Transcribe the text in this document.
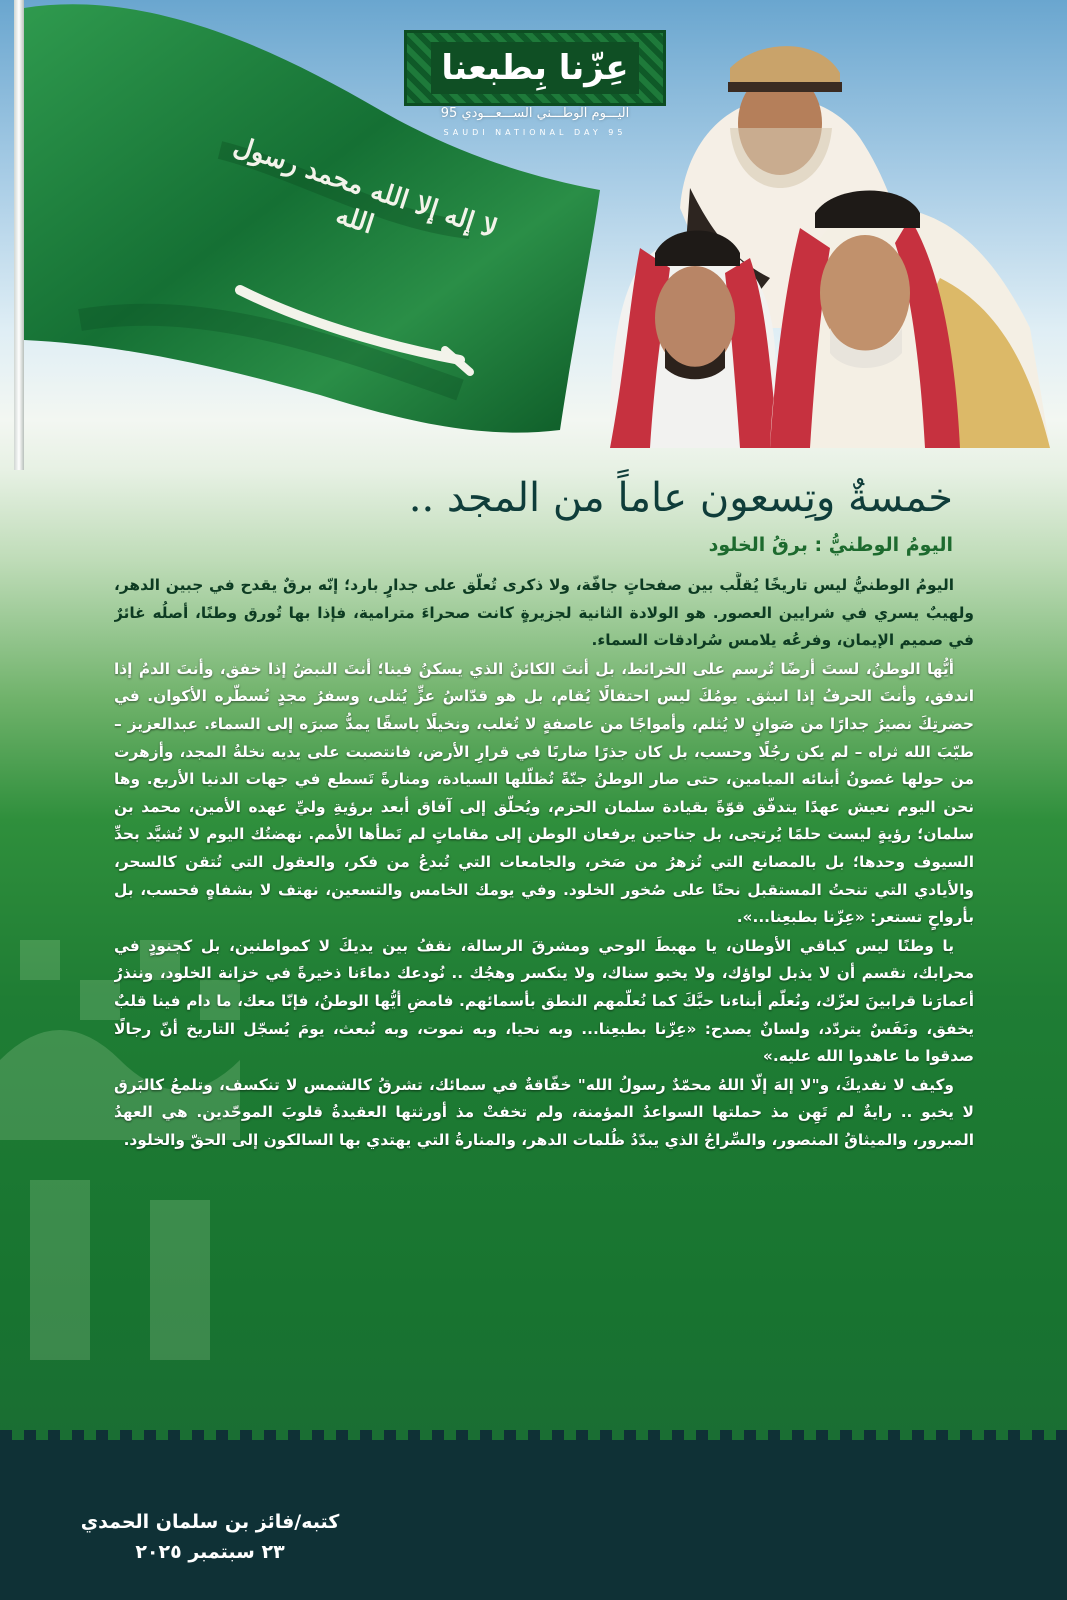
لا إله إلا الله محمد رسول الله
عِزّنا بِطبعنا
اليـــوم الوطـــني الســـعـــودي 95
SAUDI NATIONAL DAY 95
خمسةٌ وتِسعون عاماً من المجد ..
اليومُ الوطنيُّ : برقُ الخلود

اليومُ الوطنيُّ ليس تاريخًا يُقلَّب بين صفحاتٍ جافّة، ولا ذكرى تُعلّق على جدارٍ بارد؛ إنّه برقٌ يقدح في جبين الدهر، ولهيبٌ يسري في شرايين العصور. هو الولادة الثانية لجزيرةٍ كانت صحراءَ مترامية، فإذا بها تُورق وطنًا، أصلُه غائرٌ في صميم الإيمان، وفرعُه يلامس سُرادقات السماء.

أيُّها الوطنُ، لستَ أرضًا تُرسم على الخرائط، بل أنتَ الكائنُ الذي يسكنُ فينا؛ أنتَ النبضُ إذا خفق، وأنتَ الدمُ إذا اندفق، وأنتَ الحرفُ إذا انبثق. يومُكَ ليس احتفالًا يُقام، بل هو قدّاسُ عزٍّ يُتلى، وسفرُ مجدٍ تُسطّره الأكوان. في حضرتِكَ نصيرُ جدارًا من صَوانٍ لا يُثلم، وأمواجًا من عاصفةٍ لا تُغلب، ونخيلًا باسقًا يمدُّ صبرَه إلى السماء. عبدالعزيز – طيّبَ الله ثراه – لم يكن رجُلًا وحسب، بل كان جذرًا ضاربًا في قرارِ الأرض، فانتصبت على يديه نخلةُ المجد، وأزهرت من حولها غصونُ أبنائه الميامين، حتى صار الوطنُ جنّةً تُظلّلها السيادة، ومنارةً تَسطع في جهات الدنيا الأربع. وها نحن اليوم نعيش عهدًا يتدفّق قوّةً بقيادة سلمان الحزم، ويُحلّق إلى آفاق أبعد برؤيةِ وليِّ عهده الأمين، محمد بن سلمان؛ رؤيةٍ ليست حلمًا يُرتجى، بل جناحين يرفعان الوطن إلى مقاماتٍ لم تَطأها الأمم. نهضتُك اليوم لا تُشيَّد بحدِّ السيوف وحدها؛ بل بالمصانع التي تُزهرُ من صَخر، والجامعات التي تُبدعُ من فكر، والعقول التي تُتقن كالسحر، والأيادي التي تنحتُ المستقبل نحتًا على صُخور الخلود. وفي يومك الخامس والتسعين، نهتف لا بشفاهٍ فحسب، بل بأرواحٍ تستعر: «عِزّنا بطبعِنا...».

يا وطنًا ليس كباقي الأوطان، يا مهبطَ الوحي ومشرقَ الرسالة، نقفُ بين يديكَ لا كمواطنين، بل كجنودٍ في محرابك، نقسم أن لا يذبل لواؤك، ولا يخبو سناك، ولا ينكسر وهجُك .. نُودعك دماءَنا ذخيرةً في خزانة الخلود، وننذرُ أعمارَنا قرابينَ لعزّك، ونُعلّم أبناءنا حبَّكَ كما نُعلّمهم النطق بأسمائهم. فامضِ أيُّها الوطنُ، فإنّا معك، ما دام فينا قلبٌ يخفق، ونَفَسٌ يتردّد، ولسانٌ يصدح: «عِزّنا بطبعِنا... وبه نحيا، وبه نموت، وبه نُبعث، يومَ يُسجّل التاريخ أنّ رجالًا صدقوا ما عاهدوا الله عليه.»

وكيف لا نفديكَ، و"لا إلهَ إلّا اللهُ محمّدٌ رسولُ الله" خفّاقةٌ في سمائك، تشرقُ كالشمس لا تنكسف، وتلمعُ كالبَرق لا يخبو .. رايةٌ لم تَهِن مذ حملتها السواعدُ المؤمنة، ولم تخفتْ مذ أورثتها العقيدةُ قلوبَ الموحّدين. هي العهدُ المبرور، والميثاقُ المنصور، والسِّراجُ الذي يبدّدُ ظُلمات الدهر، والمنارةُ التي يهتدي بها السالكون إلى الحقّ والخلود.

كتبه/فائز بن سلمان الحمدي
٢٣ سبتمبر ٢٠٢٥
